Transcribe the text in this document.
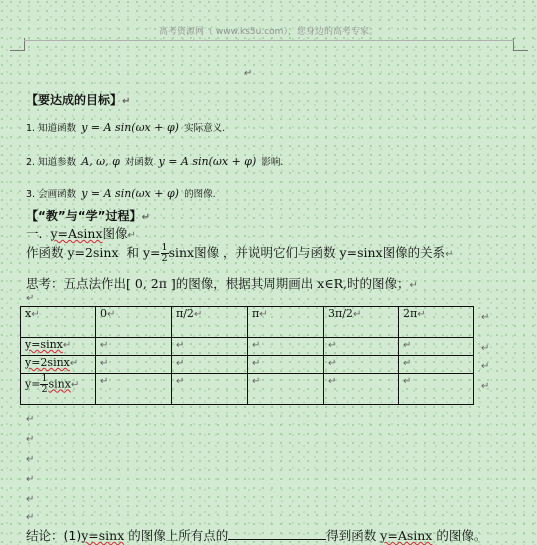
高考资源网（ www.ks5u.com），您身边的高考专家。
↵
【要达成的目标】↵
1. 知道函数 y = A sin(ωx + φ) 实际意义.
2. 知道参数 A, ω, φ 对函数 y = A sin(ωx + φ) 影响.
3. 会画函数 y = A sin(ωx + φ) 的图像.
【“教”与“学”过程】↵
一. y=Asinx图像↵
作函数 y=2sinx 和 $y= \frac{1}{2}$ sinx图像 ，并说明它们与函数 y=sinx图像的关系↵
思考：五点法作出[ 0, 2π ]的图像，根据其周期画出 x∈R,时的图像；↵
↵
x↵	0↵	π/2↵	π↵	3π/2↵	2π↵
y=sinx↵	↵	↵	↵	↵	↵
y=2sinx↵	↵	↵	↵	↵	↵
$y= \frac{1}{2}$ sinx↵	↵	↵	↵	↵	↵
↵
↵
↵
↵
↵
↵
↵
↵
↵
↵
结论：(1)y=sinx 的图像上所有点的	得到函数 y=Asinx 的图像。
